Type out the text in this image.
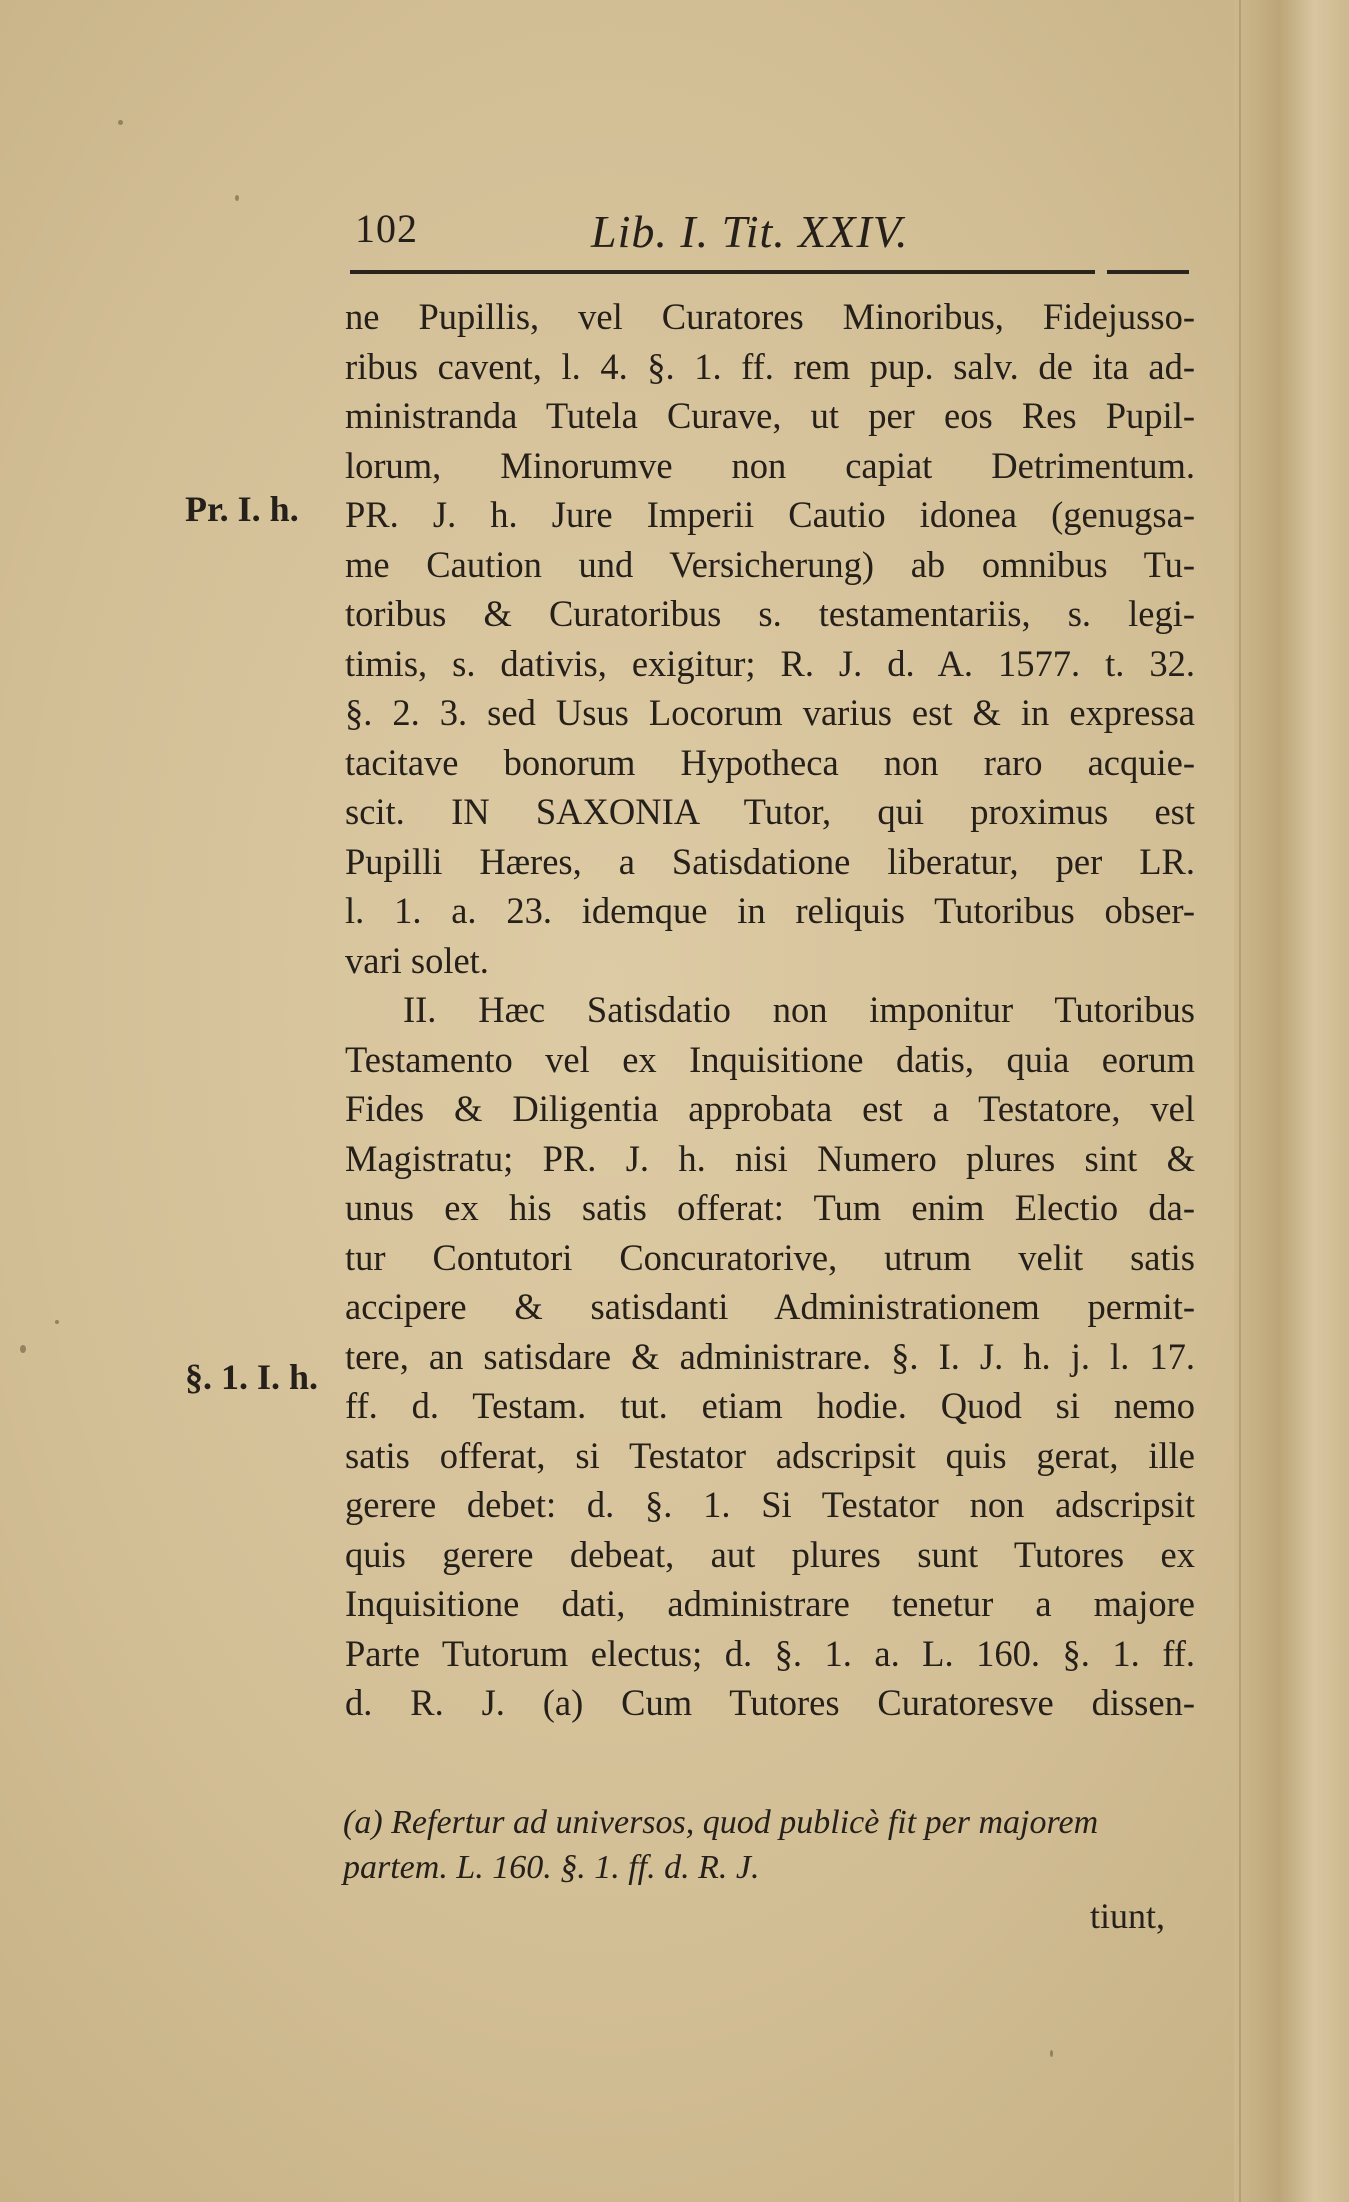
102	Lib. I. Tit. XXIV.
Pr. I. h.
§. 1. I. h.
ne Pupillis, vel Curatores Minoribus, Fidejusso-
ribus cavent, l. 4. §. 1. ff. rem pup. salv. de ita ad-
ministranda Tutela Curave, ut per eos Res Pupil-
lorum, Minorumve non capiat Detrimentum.
PR. J. h. Jure Imperii Cautio idonea (genugsa-
me Caution und Versicherung) ab omnibus Tu-
toribus & Curatoribus s. testamentariis, s. legi-
timis, s. dativis, exigitur; R. J. d. A. 1577. t. 32.
§. 2. 3. sed Usus Locorum varius est & in expressa
tacitave bonorum Hypotheca non raro acquie-
scit. IN SAXONIA Tutor, qui proximus est
Pupilli Hæres, a Satisdatione liberatur, per LR.
l. 1. a. 23. idemque in reliquis Tutoribus obser-
vari solet.
II. Hæc Satisdatio non imponitur Tutoribus
Testamento vel ex Inquisitione datis, quia eorum
Fides & Diligentia approbata est a Testatore, vel
Magistratu; PR. J. h. nisi Numero plures sint &
unus ex his satis offerat: Tum enim Electio da-
tur Contutori Concuratorive, utrum velit satis
accipere & satisdanti Administrationem permit-
tere, an satisdare & administrare. §. I. J. h. j. l. 17.
ff. d. Testam. tut. etiam hodie. Quod si nemo
satis offerat, si Testator adscripsit quis gerat, ille
gerere debet: d. §. 1. Si Testator non adscripsit
quis gerere debeat, aut plures sunt Tutores ex
Inquisitione dati, administrare tenetur a majore
Parte Tutorum electus; d. §. 1. a. L. 160. §. 1. ff.
d. R. J. (a) Cum Tutores Curatoresve dissen-
(a) Refertur ad universos, quod publicè fit per majorem
partem. L. 160. §. 1. ff. d. R. J.
tiunt,
